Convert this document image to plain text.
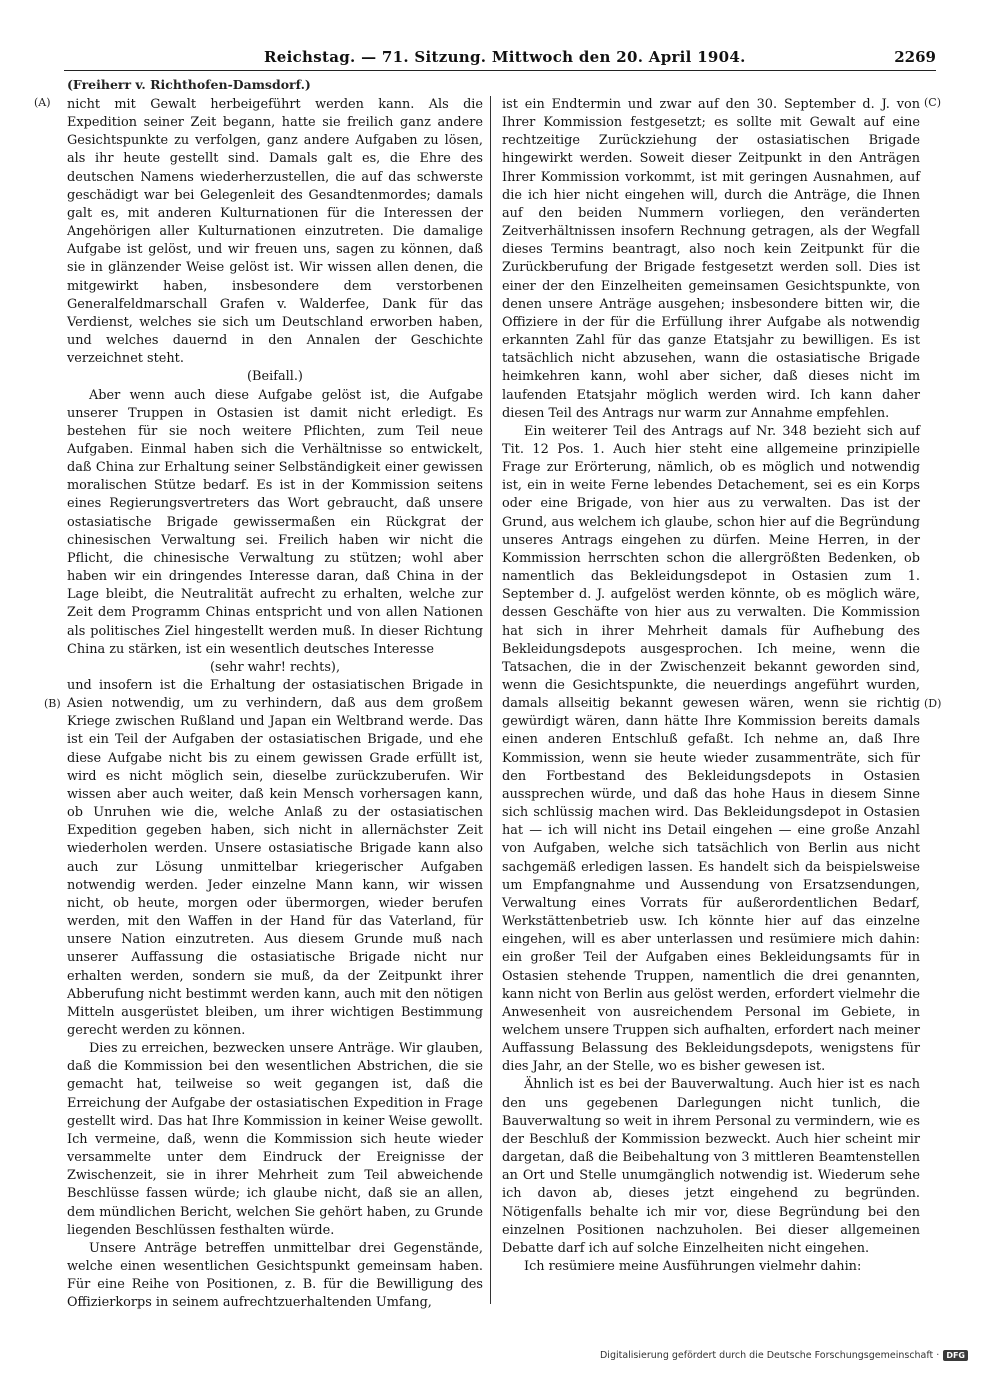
Reichstag. — 71. Sitzung. Mittwoch den 20. April 1904.	2269
(Freiherr v. Richthofen-Damsdorf.)
(A)
(B)
(C)
(D)

nicht mit Gewalt herbeigeführt werden kann. Als die Expedition seiner Zeit begann, hatte sie freilich ganz andere Gesichtspunkte zu verfolgen, ganz andere Aufgaben zu lösen, als ihr heute gestellt sind. Damals galt es, die Ehre des deutschen Namens wiederherzustellen, die auf das schwerste geschädigt war bei Gelegenleit des Gesandtenmordes; damals galt es, mit anderen Kulturnationen für die Interessen der Angehörigen aller Kulturnationen einzutreten. Die damalige Aufgabe ist gelöst, und wir freuen uns, sagen zu können, daß sie in glänzender Weise gelöst ist. Wir wissen allen denen, die mitgewirkt haben, insbesondere dem verstorbenen Generalfeldmarschall Grafen v. Walderfee, Dank für das Verdienst, welches sie sich um Deutschland erworben haben, und welches dauernd in den Annalen der Geschichte verzeichnet steht.

(Beifall.)

Aber wenn auch diese Aufgabe gelöst ist, die Aufgabe unserer Truppen in Ostasien ist damit nicht erledigt. Es bestehen für sie noch weitere Pflichten, zum Teil neue Aufgaben. Einmal haben sich die Verhältnisse so entwickelt, daß China zur Erhaltung seiner Selbständigkeit einer gewissen moralischen Stütze bedarf. Es ist in der Kommission seitens eines Regierungsvertreters das Wort gebraucht, daß unsere ostasiatische Brigade gewissermaßen ein Rückgrat der chinesischen Verwaltung sei. Freilich haben wir nicht die Pflicht, die chinesische Verwaltung zu stützen; wohl aber haben wir ein dringendes Interesse daran, daß China in der Lage bleibt, die Neutralität aufrecht zu erhalten, welche zur Zeit dem Programm Chinas entspricht und von allen Nationen als politisches Ziel hingestellt werden muß. In dieser Richtung China zu stärken, ist ein wesentlich deutsches Interesse

(sehr wahr! rechts),

und insofern ist die Erhaltung der ostasiatischen Brigade in Asien notwendig, um zu verhindern, daß aus dem großem Kriege zwischen Rußland und Japan ein Weltbrand werde. Das ist ein Teil der Aufgaben der ostasiatischen Brigade, und ehe diese Aufgabe nicht bis zu einem gewissen Grade erfüllt ist, wird es nicht möglich sein, dieselbe zurückzuberufen. Wir wissen aber auch weiter, daß kein Mensch vorhersagen kann, ob Unruhen wie die, welche Anlaß zu der ostasiatischen Expedition gegeben haben, sich nicht in allernächster Zeit wiederholen werden. Unsere ostasiatische Brigade kann also auch zur Lösung unmittelbar kriegerischer Aufgaben notwendig werden. Jeder einzelne Mann kann, wir wissen nicht, ob heute, morgen oder übermorgen, wieder berufen werden, mit den Waffen in der Hand für das Vaterland, für unsere Nation einzutreten. Aus diesem Grunde muß nach unserer Auffassung die ostasiatische Brigade nicht nur erhalten werden, sondern sie muß, da der Zeitpunkt ihrer Abberufung nicht bestimmt werden kann, auch mit den nötigen Mitteln ausgerüstet bleiben, um ihrer wichtigen Bestimmung gerecht werden zu können.

Dies zu erreichen, bezwecken unsere Anträge. Wir glauben, daß die Kommission bei den wesentlichen Abstrichen, die sie gemacht hat, teilweise so weit gegangen ist, daß die Erreichung der Aufgabe der ostasiatischen Expedition in Frage gestellt wird. Das hat Ihre Kommission in keiner Weise gewollt. Ich vermeine, daß, wenn die Kommission sich heute wieder versammelte unter dem Eindruck der Ereignisse der Zwischenzeit, sie in ihrer Mehrheit zum Teil abweichende Beschlüsse fassen würde; ich glaube nicht, daß sie an allen, dem mündlichen Bericht, welchen Sie gehört haben, zu Grunde liegenden Beschlüssen festhalten würde.

Unsere Anträge betreffen unmittelbar drei Gegenstände, welche einen wesentlichen Gesichtspunkt gemeinsam haben. Für eine Reihe von Positionen, z. B. für die Bewilligung des Offizierkorps in seinem aufrechtzuerhaltenden Umfang,

ist ein Endtermin und zwar auf den 30. September d. J. von Ihrer Kommission festgesetzt; es sollte mit Gewalt auf eine rechtzeitige Zurückziehung der ostasiatischen Brigade hingewirkt werden. Soweit dieser Zeitpunkt in den Anträgen Ihrer Kommission vorkommt, ist mit geringen Ausnahmen, auf die ich hier nicht eingehen will, durch die Anträge, die Ihnen auf den beiden Nummern vorliegen, den veränderten Zeitverhältnissen insofern Rechnung getragen, als der Wegfall dieses Termins beantragt, also noch kein Zeitpunkt für die Zurückberufung der Brigade festgesetzt werden soll. Dies ist einer der den Einzelheiten gemeinsamen Gesichtspunkte, von denen unsere Anträge ausgehen; insbesondere bitten wir, die Offiziere in der für die Erfüllung ihrer Aufgabe als notwendig erkannten Zahl für das ganze Etatsjahr zu bewilligen. Es ist tatsächlich nicht abzusehen, wann die ostasiatische Brigade heimkehren kann, wohl aber sicher, daß dieses nicht im laufenden Etatsjahr möglich werden wird. Ich kann daher diesen Teil des Antrags nur warm zur Annahme empfehlen.

Ein weiterer Teil des Antrags auf Nr. 348 bezieht sich auf Tit. 12 Pos. 1. Auch hier steht eine allgemeine prinzipielle Frage zur Erörterung, nämlich, ob es möglich und notwendig ist, ein in weite Ferne lebendes Detachement, sei es ein Korps oder eine Brigade, von hier aus zu verwalten. Das ist der Grund, aus welchem ich glaube, schon hier auf die Begründung unseres Antrags eingehen zu dürfen. Meine Herren, in der Kommission herrschten schon die allergrößten Bedenken, ob namentlich das Bekleidungsdepot in Ostasien zum 1. September d. J. aufgelöst werden könnte, ob es möglich wäre, dessen Geschäfte von hier aus zu verwalten. Die Kommission hat sich in ihrer Mehrheit damals für Aufhebung des Bekleidungsdepots ausgesprochen. Ich meine, wenn die Tatsachen, die in der Zwischenzeit bekannt geworden sind, wenn die Gesichtspunkte, die neuerdings angeführt wurden, damals allseitig bekannt gewesen wären, wenn sie richtig gewürdigt wären, dann hätte Ihre Kommission bereits damals einen anderen Entschluß gefaßt. Ich nehme an, daß Ihre Kommission, wenn sie heute wieder zusammenträte, sich für den Fortbestand des Bekleidungsdepots in Ostasien aussprechen würde, und daß das hohe Haus in diesem Sinne sich schlüssig machen wird. Das Bekleidungsdepot in Ostasien hat — ich will nicht ins Detail eingehen — eine große Anzahl von Aufgaben, welche sich tatsächlich von Berlin aus nicht sachgemäß erledigen lassen. Es handelt sich da beispielsweise um Empfangnahme und Aussendung von Ersatzsendungen, Verwaltung eines Vorrats für außerordentlichen Bedarf, Werkstättenbetrieb usw. Ich könnte hier auf das einzelne eingehen, will es aber unterlassen und resümiere mich dahin: ein großer Teil der Aufgaben eines Bekleidungsamts für in Ostasien stehende Truppen, namentlich die drei genannten, kann nicht von Berlin aus gelöst werden, erfordert vielmehr die Anwesenheit von ausreichendem Personal im Gebiete, in welchem unsere Truppen sich aufhalten, erfordert nach meiner Auffassung Belassung des Bekleidungsdepots, wenigstens für dies Jahr, an der Stelle, wo es bisher gewesen ist.

Ähnlich ist es bei der Bauverwaltung. Auch hier ist es nach den uns gegebenen Darlegungen nicht tunlich, die Bauverwaltung so weit in ihrem Personal zu vermindern, wie es der Beschluß der Kommission bezweckt. Auch hier scheint mir dargetan, daß die Beibehaltung von 3 mittleren Beamtenstellen an Ort und Stelle unumgänglich notwendig ist. Wiederum sehe ich davon ab, dieses jetzt eingehend zu begründen. Nötigenfalls behalte ich mir vor, diese Begründung bei den einzelnen Positionen nachzuholen. Bei dieser allgemeinen Debatte darf ich auf solche Einzelheiten nicht eingehen.

Ich resümiere meine Ausführungen vielmehr dahin:

Digitalisierung gefördert durch die Deutsche Forschungsgemeinschaft · DFG
